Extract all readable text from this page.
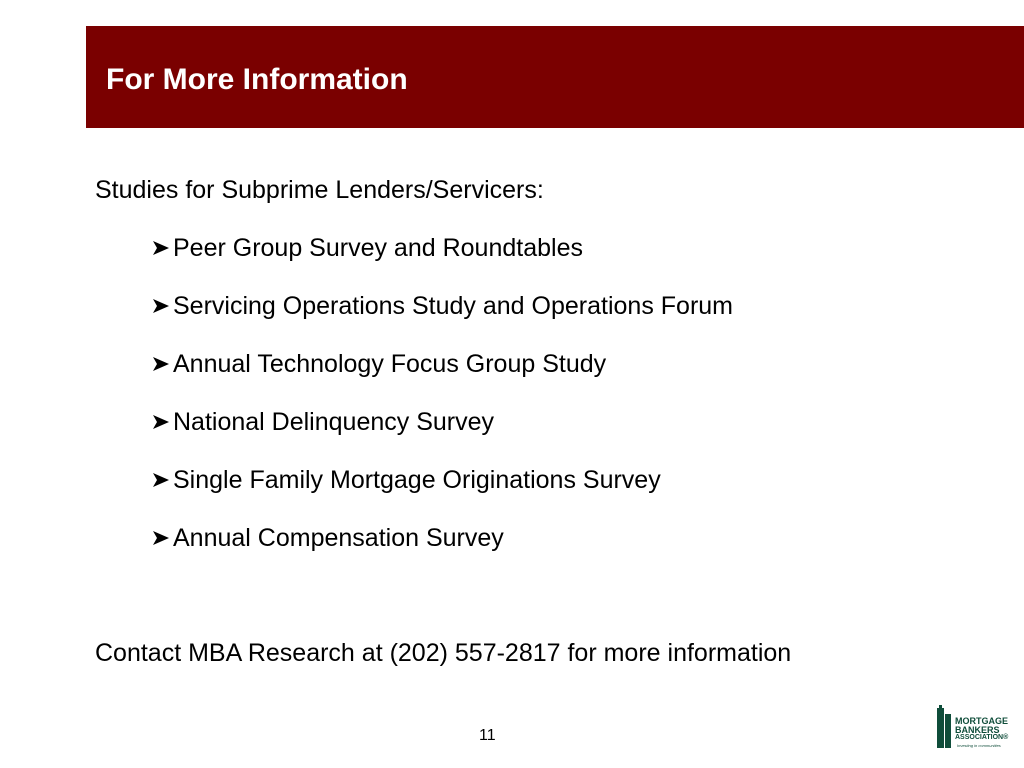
For More Information
Studies for Subprime Lenders/Servicers:
Peer Group Survey and Roundtables
Servicing Operations Study and Operations Forum
Annual Technology Focus Group Study
National Delinquency Survey
Single Family Mortgage Originations Survey
Annual Compensation Survey
Contact MBA Research at (202) 557-2817 for more information
11
MORTGAGE
BANKERS
ASSOCIATION®
Investing in communities
